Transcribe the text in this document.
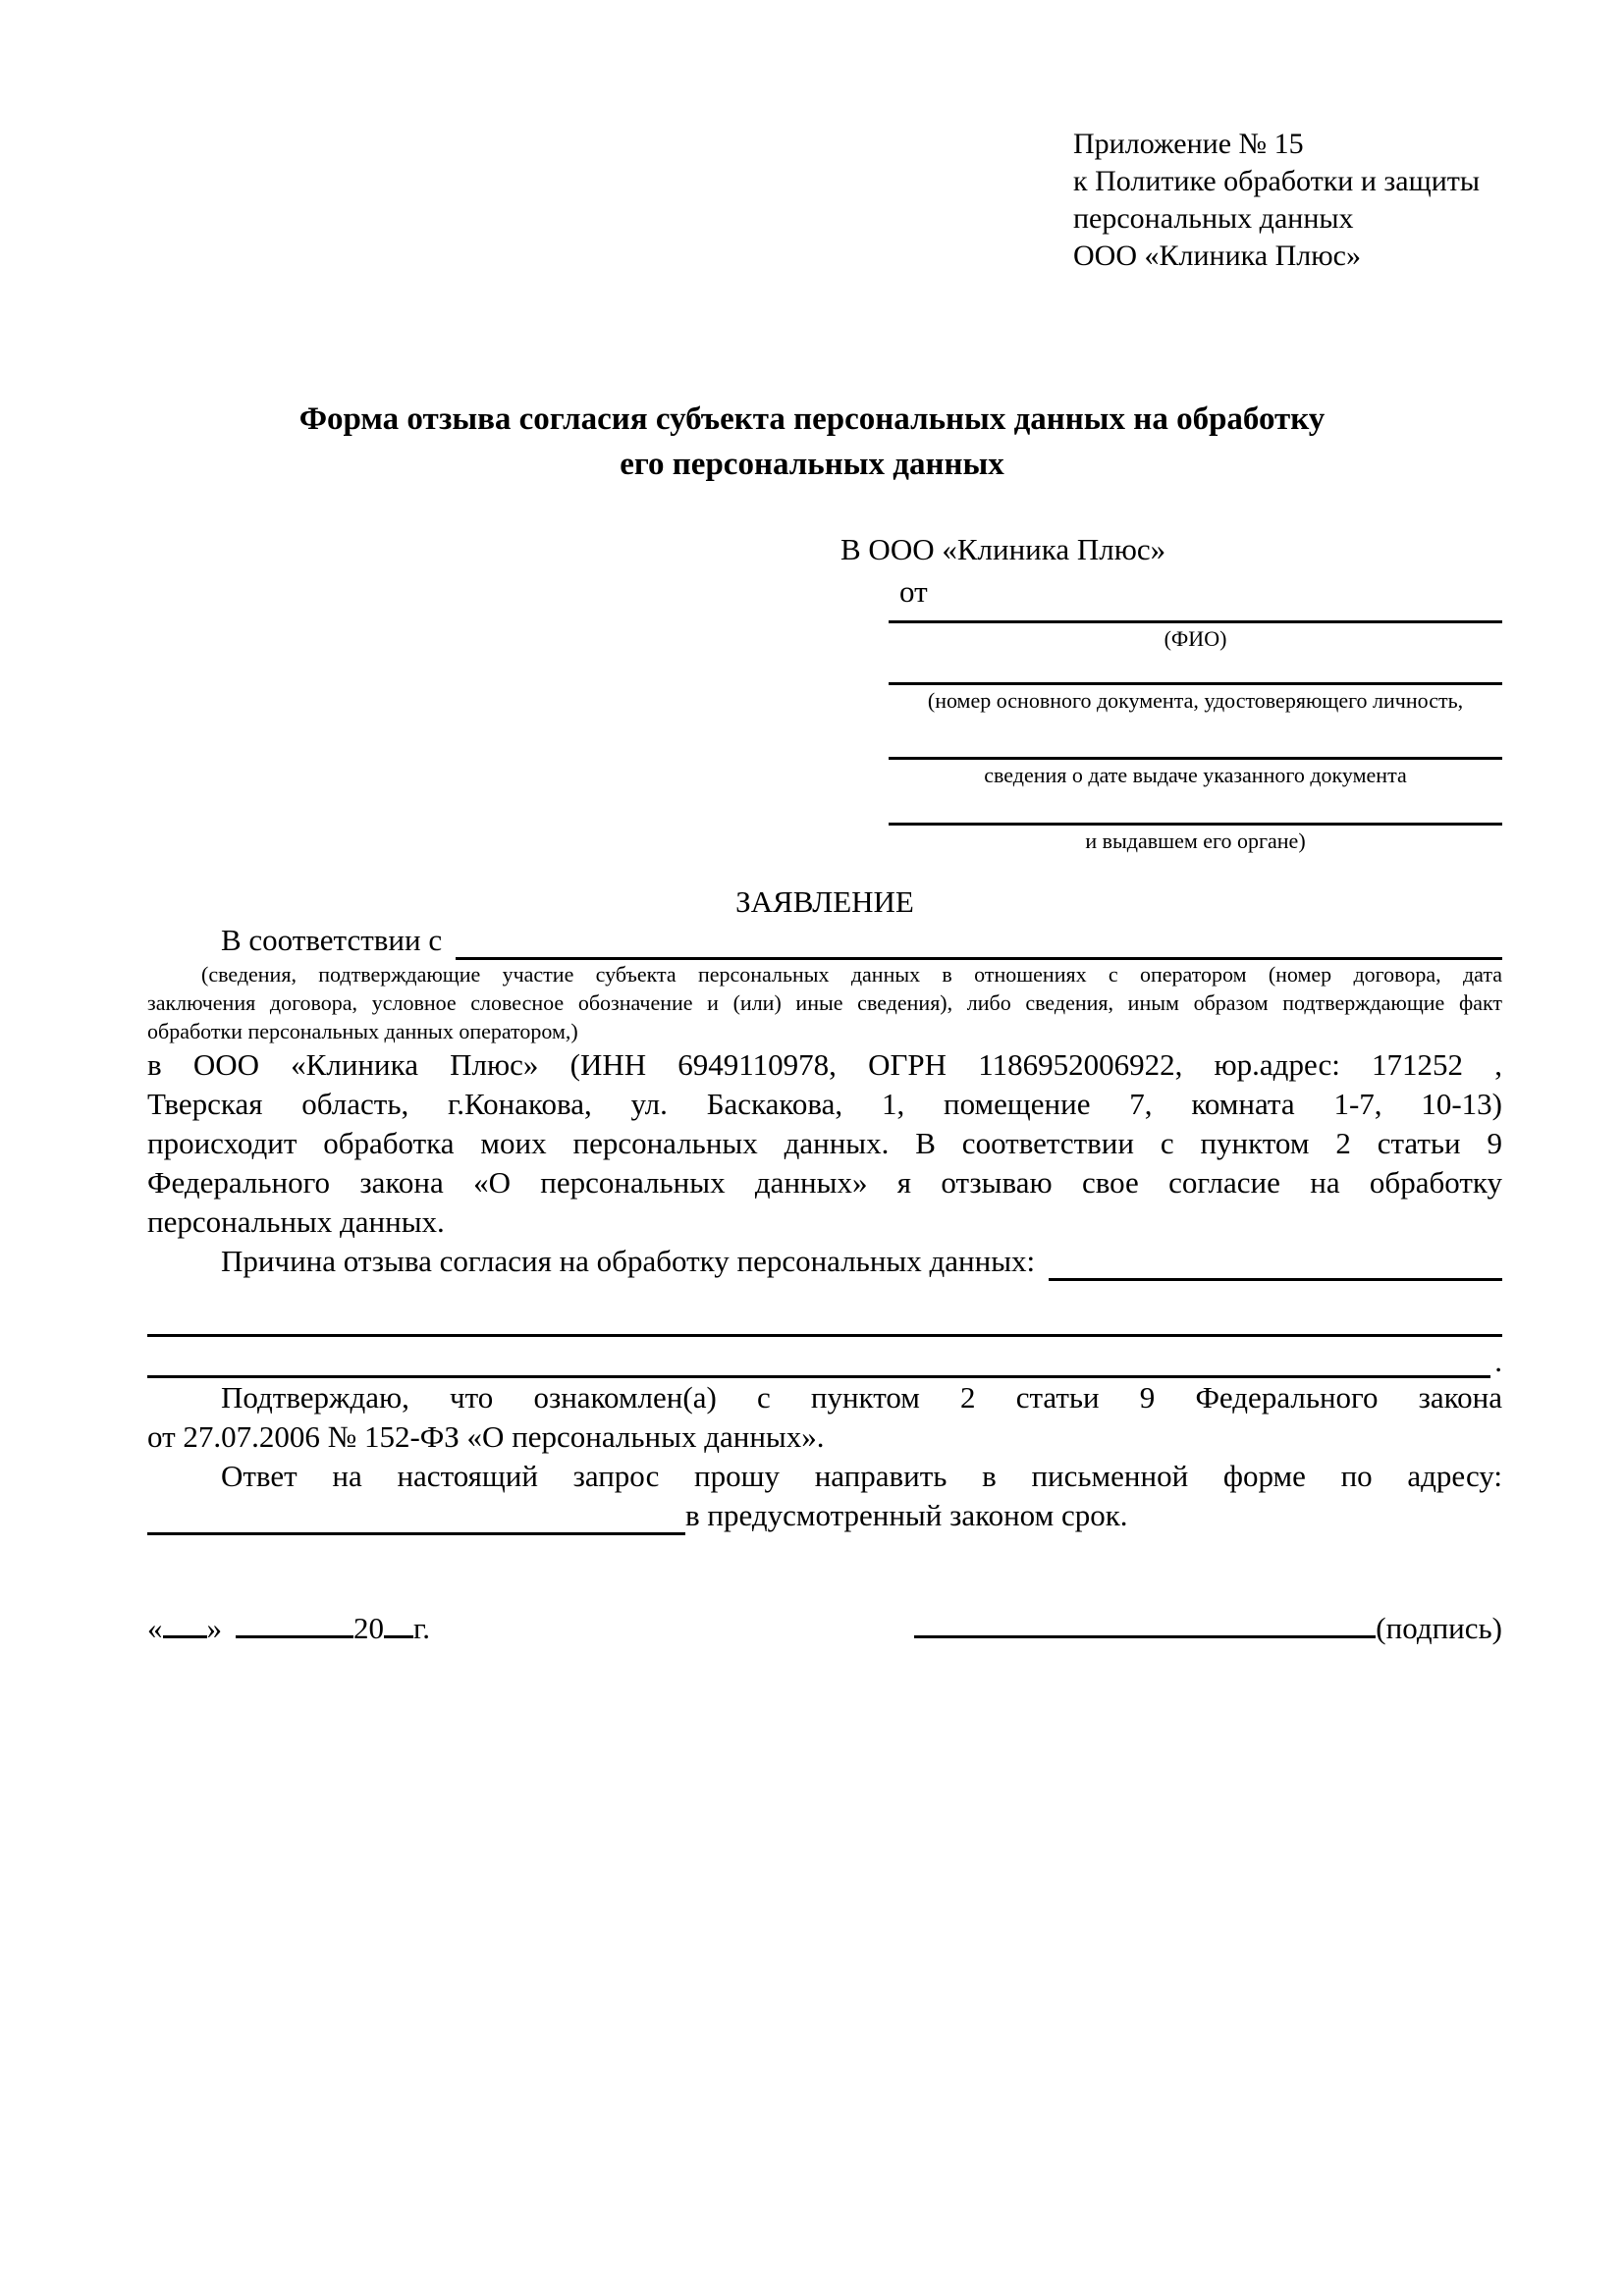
Приложение № 15
к Политике обработки и защиты
персональных данных
ООО «Клиника Плюс»
Форма отзыва согласия субъекта персональных данных на обработку
его персональных данных
В ООО «Клиника Плюс»
от
(ФИО)
(номер основного документа, удостоверяющего личность,
сведения о дате выдаче указанного документа
и выдавшем его органе)
ЗАЯВЛЕНИЕ
В соответствии с
(сведения, подтверждающие участие субъекта персональных данных в отношениях с оператором (номер договора, дата
заключения договора, условное словесное обозначение и (или) иные сведения), либо сведения, иным образом подтверждающие факт
обработки персональных данных оператором,)
в ООО «Клиника Плюс» (ИНН 6949110978, ОГРН 1186952006922, юр.адрес: 171252 ,
Тверская область, г.Конакова, ул. Баскакова, 1, помещение 7, комната 1-7, 10-13)
происходит обработка моих персональных данных. В соответствии с пунктом 2 статьи 9
Федерального закона «О персональных данных» я отзываю свое согласие на обработку
персональных данных.
Причина отзыва согласия на обработку персональных данных:
.
Подтверждаю, что ознакомлен(а) с пунктом 2 статьи 9 Федерального закона
от 27.07.2006 № 152-ФЗ «О персональных данных».
Ответ на настоящий запрос прошу направить в письменной форме по адресу:
в предусмотренный законом срок.
« »	20 г.	(подпись)
